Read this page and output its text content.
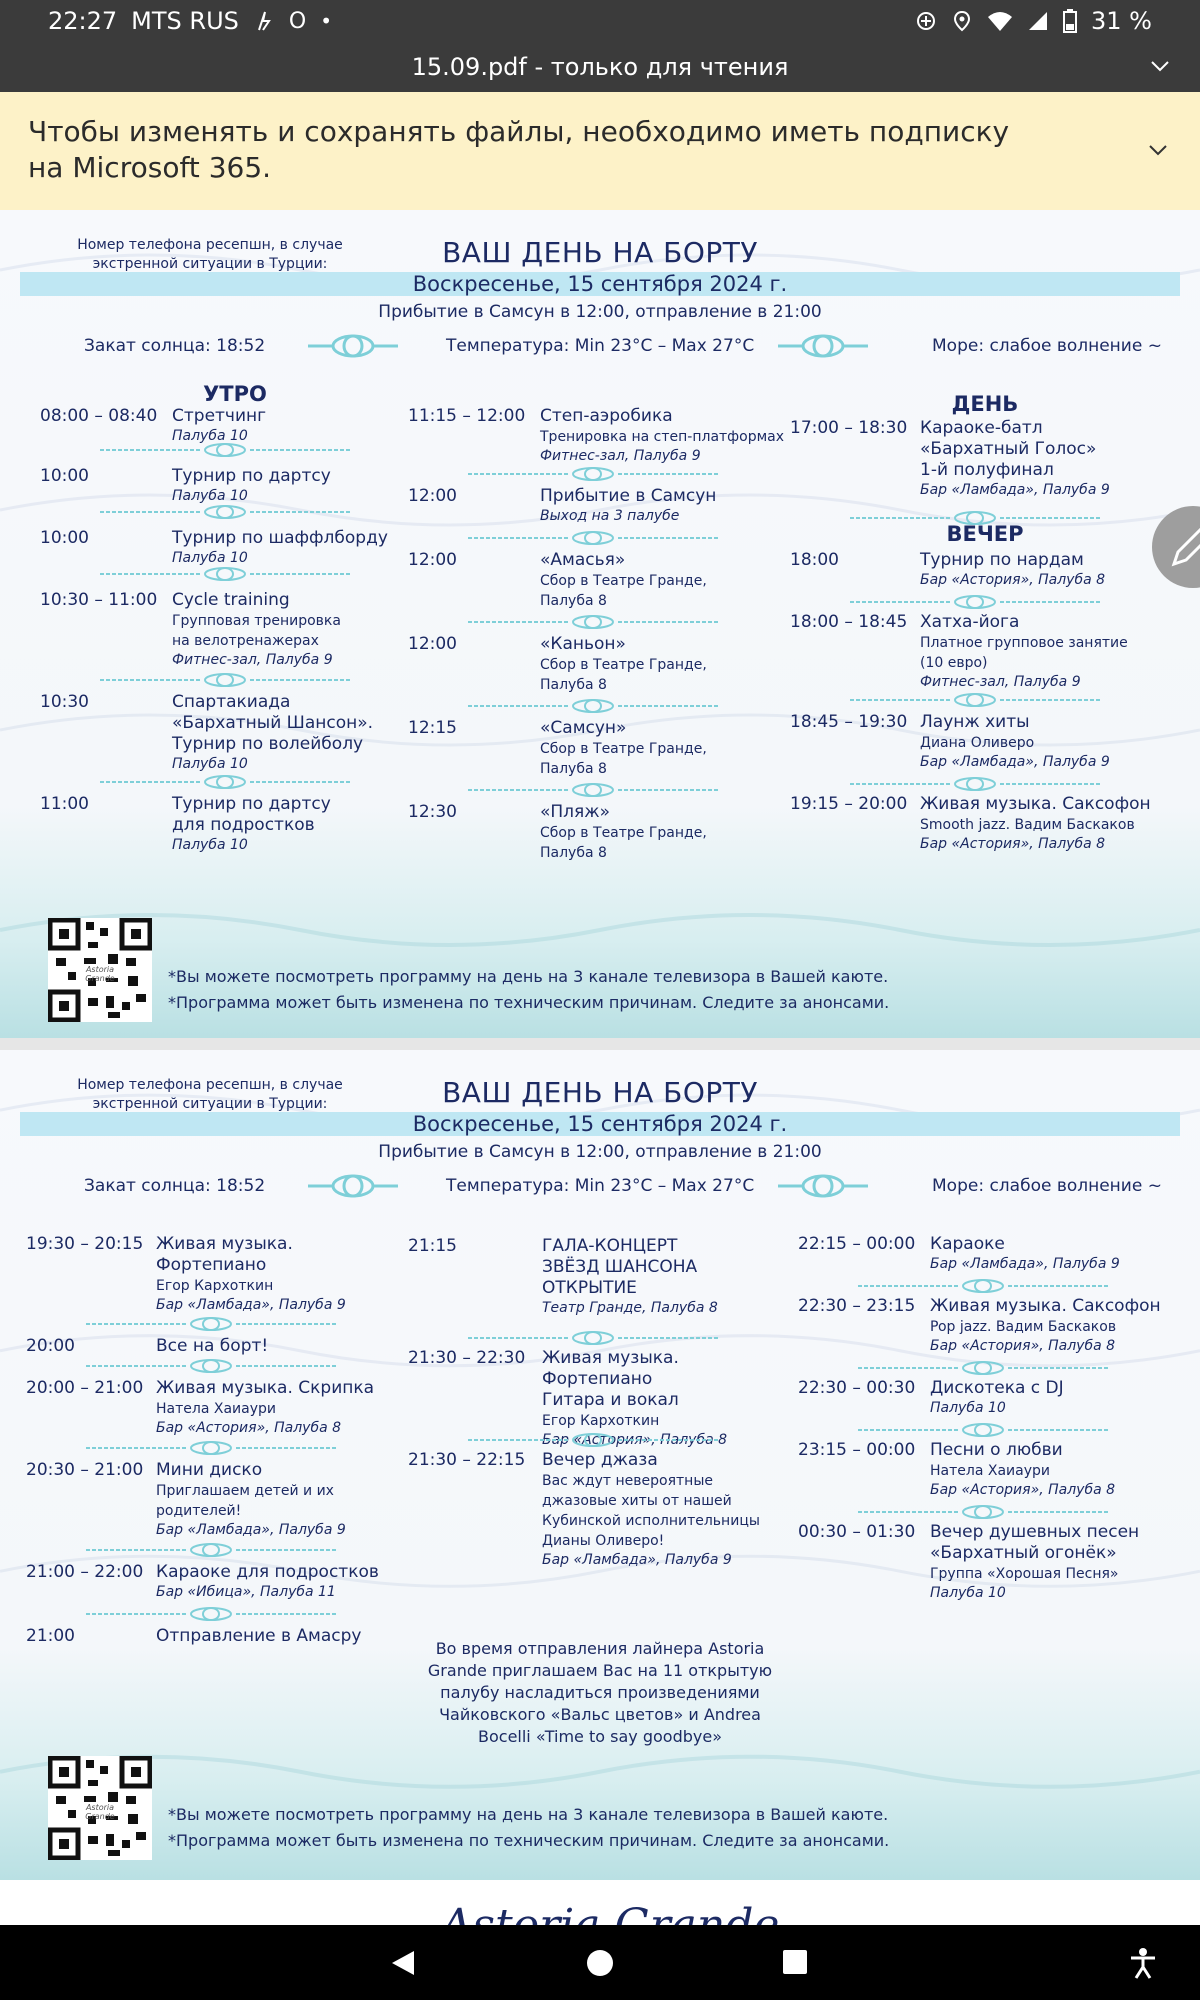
22:27 MTS RUS O •	31 %
15.09.pdf - только для чтения
Чтобы изменять и сохранять файлы, необходимо иметь подписку на Microsoft 365.
Номер телефона ресепшн, в случае экстренной ситуации в Турции:	ВАШ ДЕНЬ НА БОРТУ
Воскресенье, 15 сентября 2024 г.
Прибытие в Самсун в 12:00, отправление в 21:00
Закат солнца: 18:52	Температура: Min 23°C – Max 27°C	Море: слабое волнение ~
УТРО	ДЕНЬ
ВЕЧЕР
08:00 – 08:40 Стретчинг
Палуба 10
10:00	Турнир по дартсу
Палуба 10
10:00	Турнир по шаффлборду
Палуба 10
10:30 – 11:00 Cycle training
Групповая тренировка
на велотренажерах
Фитнес-зал, Палуба 9
10:30	Спартакиада
«Бархатный Шансон».
Турнир по волейболу
Палуба 10
11:00	Турнир по дартсу
для подростков
Палуба 10
11:15 – 12:00 Степ-аэробика
Тренировка на степ-платформах
Фитнес-зал, Палуба 9
12:00	Прибытие в Самсун
Выход на 3 палубе
12:00	«Амасья»
Сбор в Театре Гранде,
Палуба 8
12:00	«Каньон»
Сбор в Театре Гранде,
Палуба 8
12:15	«Самсун»
Сбор в Театре Гранде,
Палуба 8
12:30	«Пляж»
Сбор в Театре Гранде,
Палуба 8
17:00 – 18:30 Караоке-батл
«Бархатный Голос»
1-й полуфинал
Бар «Ламбада», Палуба 9
18:00	Турнир по нардам
Бар «Астория», Палуба 8
18:00 – 18:45 Хатха-йога
Платное групповое занятие
(10 евро)
Фитнес-зал, Палуба 9
18:45 – 19:30 Лаунж хиты
Диана Оливеро
Бар «Ламбада», Палуба 9
19:15 – 20:00 Живая музыка. Саксофон
Smooth jazz. Вадим Баскаков
Бар «Астория», Палуба 8
Astoria Grande	*Вы можете посмотреть программу на день на 3 канале телевизора в Вашей каюте.
*Программа может быть изменена по техническим причинам. Следите за анонсами.
Номер телефона ресепшн, в случае экстренной ситуации в Турции:	ВАШ ДЕНЬ НА БОРТУ
Воскресенье, 15 сентября 2024 г.
Прибытие в Самсун в 12:00, отправление в 21:00
Закат солнца: 18:52	Температура: Min 23°C – Max 27°C	Море: слабое волнение ~
19:30 – 20:15 Живая музыка.
Фортепиано
Егор Кархоткин
Бар «Ламбада», Палуба 9
20:00	Все на борт!
20:00 – 21:00 Живая музыка. Скрипка
Нателa Хаиаури
Бар «Астория», Палуба 8
20:30 – 21:00 Мини диско
Приглашаем детей и их
родителей!
Бар «Ламбада», Палуба 9
21:00 – 22:00 Караоке для подростков
Бар «Ибица», Палуба 11
21:00	Отправление в Амасру
21:15	ГАЛА-КОНЦЕРТ
ЗВЁЗД ШАНСОНА
ОТКРЫТИЕ
Театр Гранде, Палуба 8
21:30 – 22:30 Живая музыка. Фортепиано
Гитара и вокал
Егор Кархоткин
Бар «Астория», Палуба 8
21:30 – 22:15 Вечер джаза
Вас ждут невероятные
джазовые хиты от нашей
Кубинской исполнительницы
Дианы Оливеро!
Бар «Ламбада», Палуба 9
22:15 – 00:00 Караоке
Бар «Ламбада», Палуба 9
22:30 – 23:15 Живая музыка. Саксофон
Pop jazz. Вадим Баскаков
Бар «Астория», Палуба 8
22:30 – 00:30 Дискотека с DJ
Палуба 10
23:15 – 00:00 Песни о любви
Натела Хаиаури
Бар «Астория», Палуба 8
00:30 – 01:30 Вечер душевных песен
«Бархатный огонёк»
Группа «Хорошая Песня»
Палуба 10
Во время отправления лайнера Astoria Grande приглашаем Вас на 11 открытую палубу насладиться произведениями Чайковского «Вальс цветов» и Andrea Bocelli «Time to say goodbye»
Astoria Grande	*Вы можете посмотреть программу на день на 3 канале телевизора в Вашей каюте.
*Программа может быть изменена по техническим причинам. Следите за анонсами.
